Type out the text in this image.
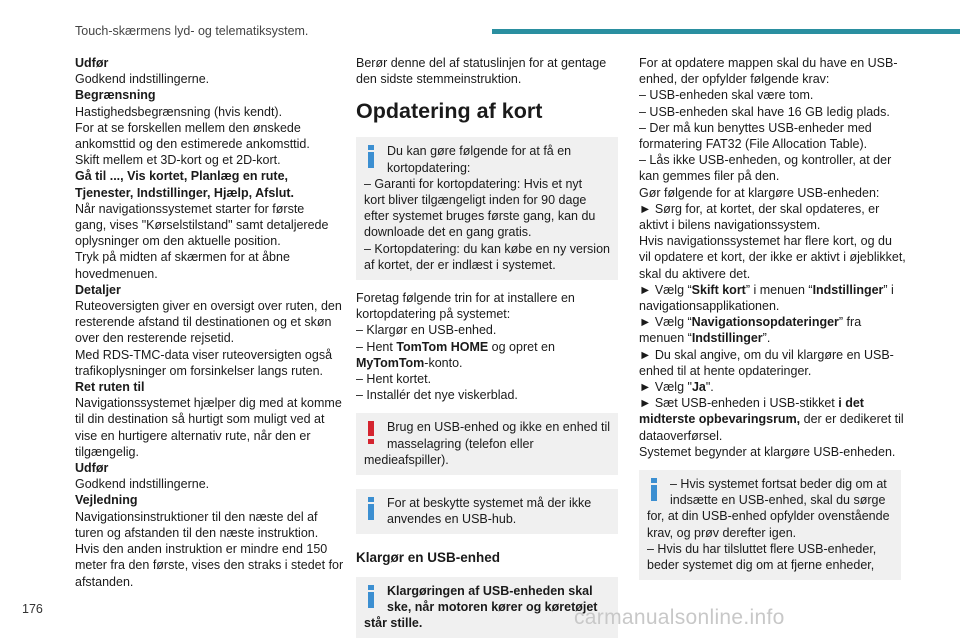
Touch-skærmens lyd- og telematiksystem.
Udfør
Godkend indstillingerne.
Begrænsning
Hastighedsbegrænsning (hvis kendt).
For at se forskellen mellem den ønskede
ankomsttid og den estimerede ankomsttid.
Skift mellem et 3D-kort og et 2D-kort.
Gå til ..., Vis kortet, Planlæg en rute,
Tjenester, Indstillinger, Hjælp, Afslut.
Når navigationssystemet starter for første
gang, vises "Kørselstilstand" samt detaljerede
oplysninger om den aktuelle position.
Tryk på midten af skærmen for at åbne
hovedmenuen.
Detaljer
Ruteoversigten giver en oversigt over ruten, den
resterende afstand til destinationen og et skøn
over den resterende rejsetid.
Med RDS-TMC-data viser ruteoversigten også
trafikoplysninger om forsinkelser langs ruten.
Ret ruten til
Navigationssystemet hjælper dig med at komme
til din destination så hurtigt som muligt ved at
vise en hurtigere alternativ rute, når den er
tilgængelig.
Udfør
Godkend indstillingerne.
Vejledning
Navigationsinstruktioner til den næste del af
turen og afstanden til den næste instruktion.
Hvis den anden instruktion er mindre end 150
meter fra den første, vises den straks i stedet for
afstanden.
Berør denne del af statuslinjen for at gentage
den sidste stemmeinstruktion.
Opdatering af kort
Du kan gøre følgende for at få en
kortopdatering:
– Garanti for kortopdatering: Hvis et nyt
kort bliver tilgængeligt inden for 90 dage
efter systemet bruges første gang, kan du
downloade det en gang gratis.
– Kortopdatering: du kan købe en ny version
af kortet, der er indlæst i systemet.
Foretag følgende trin for at installere en
kortopdatering på systemet:
– Klargør en USB-enhed.
– Hent TomTom HOME og opret en
MyTomTom-konto.
– Hent kortet.
– Installér det nye viskerblad.
Brug en USB-enhed og ikke en enhed til
masselagring (telefon eller
medieafspiller).
For at beskytte systemet må der ikke
anvendes en USB-hub.
Klargør en USB-enhed
Klargøringen af USB-enheden skal
ske, når motoren kører og køretøjet
står stille.
For at opdatere mappen skal du have en USB-
enhed, der opfylder følgende krav:
– USB-enheden skal være tom.
– USB-enheden skal have 16 GB ledig plads.
– Der må kun benyttes USB-enheder med
formatering FAT32 (File Allocation Table).
– Lås ikke USB-enheden, og kontroller, at der
kan gemmes filer på den.
Gør følgende for at klargøre USB-enheden:
► Sørg for, at kortet, der skal opdateres, er
aktivt i bilens navigationssystem.
Hvis navigationssystemet har flere kort, og du
vil opdatere et kort, der ikke er aktivt i øjeblikket,
skal du aktivere det.
► Vælg “Skift kort” i menuen “Indstillinger” i
navigationsapplikationen.
► Vælg “Navigationsopdateringer” fra
menuen “Indstillinger”.
► Du skal angive, om du vil klargøre en USB-
enhed til at hente opdateringer.
► Vælg "Ja".
► Sæt USB-enheden i USB-stikket i det
midterste opbevaringsrum, der er dedikeret til
dataoverførsel.
Systemet begynder at klargøre USB-enheden.
– Hvis systemet fortsat beder dig om at
indsætte en USB-enhed, skal du sørge
for, at din USB-enhed opfylder ovenstående
krav, og prøv derefter igen.
– Hvis du har tilsluttet flere USB-enheder,
beder systemet dig om at fjerne enheder,
176	carmanualsonline.info
